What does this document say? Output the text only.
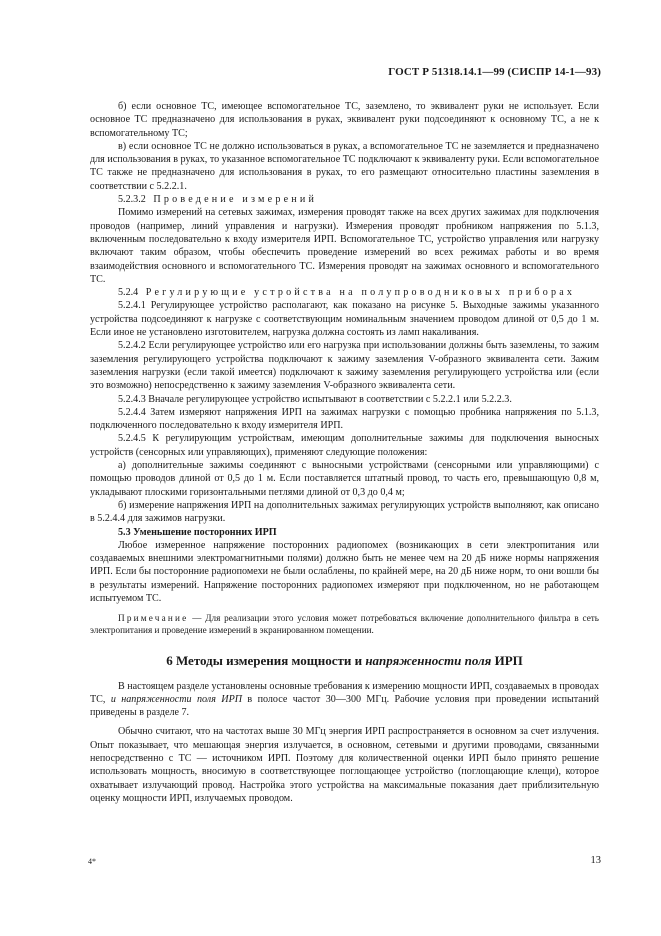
ГОСТ Р 51318.14.1—99 (СИСПР 14-1—93)

б) если основное ТС, имеющее вспомогательное ТС, заземлено, то эквивалент руки не использует. Если основное ТС предназначено для использования в руках, эквивалент руки подсоединяют к основному ТС, а не к вспомогательному ТС;

в) если основное ТС не должно использоваться в руках, а вспомогательное ТС не заземляется и предназначено для использования в руках, то указанное вспомогательное ТС подключают к эквиваленту руки. Если вспомогательное ТС также не предназначено для использования в руках, то его размещают относительно пластины заземления в соответствии с 5.2.2.1.

5.2.3.2 Проведение измерений

Помимо измерений на сетевых зажимах, измерения проводят также на всех других зажимах для подключения проводов (например, линий управления и нагрузки). Измерения проводят пробником напряжения по 5.1.3, включенным последовательно к входу измерителя ИРП. Вспомогательное ТС, устройство управления или нагрузку включают таким образом, чтобы обеспечить проведение измерений во всех режимах работы и во время взаимодействия основного и вспомогательного ТС. Измерения проводят на зажимах основного и вспомогательного ТС.

5.2.4 Регулирующие устройства на полупроводниковых приборах

5.2.4.1 Регулирующее устройство располагают, как показано на рисунке 5. Выходные зажимы указанного устройства подсоединяют к нагрузке с соответствующим номинальным значением проводом длиной от 0,5 до 1 м. Если иное не установлено изготовителем, нагрузка должна состоять из ламп накаливания.

5.2.4.2 Если регулирующее устройство или его нагрузка при использовании должны быть заземлены, то зажим заземления регулирующего устройства подключают к зажиму заземления V-образного эквивалента сети. Зажим заземления нагрузки (если такой имеется) подключают к зажиму заземления регулирующего устройства или (если это возможно) непосредственно к зажиму заземления V-образного эквивалента сети.

5.2.4.3 Вначале регулирующее устройство испытывают в соответствии с 5.2.2.1 или 5.2.2.3.

5.2.4.4 Затем измеряют напряжения ИРП на зажимах нагрузки с помощью пробника напряжения по 5.1.3, подключенного последовательно к входу измерителя ИРП.

5.2.4.5 К регулирующим устройствам, имеющим дополнительные зажимы для подключения выносных устройств (сенсорных или управляющих), применяют следующие положения:

а) дополнительные зажимы соединяют с выносными устройствами (сенсорными или управляющими) с помощью проводов длиной от 0,5 до 1 м. Если поставляется штатный провод, то часть его, превышающую 0,8 м, укладывают плоскими горизонтальными петлями длиной от 0,3 до 0,4 м;

б) измерение напряжения ИРП на дополнительных зажимах регулирующих устройств выполняют, как описано в 5.2.4.4 для зажимов нагрузки.

5.3 Уменьшение посторонних ИРП

Любое измеренное напряжение посторонних радиопомех (возникающих в сети электропитания или создаваемых внешними электромагнитными полями) должно быть не менее чем на 20 дБ ниже нормы напряжения ИРП. Если бы посторонние радиопомехи не были ослаблены, по крайней мере, на 20 дБ ниже норм, то они вошли бы в результаты измерений. Напряжение посторонних радиопомех измеряют при подключенном, но не работающем испытуемом ТС.

Примечание — Для реализации этого условия может потребоваться включение дополнительного фильтра в сеть электропитания и проведение измерений в экранированном помещении.

6 Методы измерения мощности и напряженности поля ИРП

В настоящем разделе установлены основные требования к измерению мощности ИРП, создаваемых в проводах ТС, и напряженности поля ИРП в полосе частот 30—300 МГц. Рабочие условия при проведении испытаний приведены в разделе 7.

Обычно считают, что на частотах выше 30 МГц энергия ИРП распространяется в основном за счет излучения. Опыт показывает, что мешающая энергия излучается, в основном, сетевыми и другими проводами, связанными непосредственно с ТС — источником ИРП. Поэтому для количественной оценки ИРП было принято решение использовать мощность, вносимую в соответствующее поглощающее устройство (поглощающие клещи), которое охватывает излучающий провод. Настройка этого устройства на максимальные показания дает приблизительную оценку мощности ИРП, излучаемых проводом.

4*	13
